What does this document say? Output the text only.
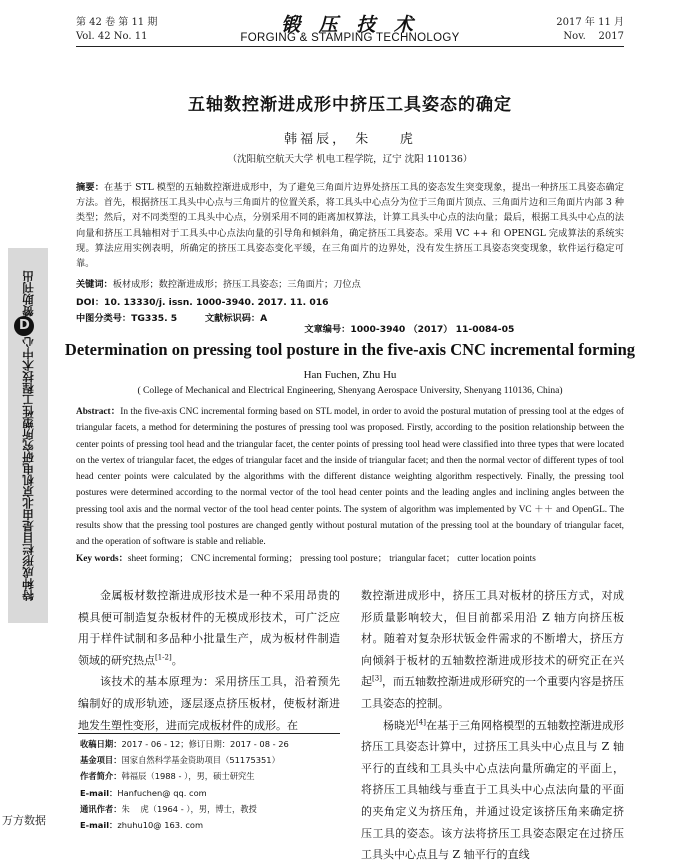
第 42 卷 第 11 期
Vol. 42 No. 11
锻 压 技 术
FORGING & STAMPING TECHNOLOGY
2017 年 11 月
Nov.    2017
五轴数控渐进成形中挤压工具姿态的确定
韩福辰， 朱    虎
（沈阳航空航天大学 机电工程学院，辽宁 沈阳 110136）
摘要：在基于 STL 模型的五轴数控渐进成形中，为了避免三角面片边界处挤压工具的姿态发生突变现象，提出一种挤压工具姿态确定方法。首先，根据挤压工具头中心点与三角面片的位置关系，将工具头中心点分为位于三角面片顶点、三角面片边和三角面片内部 3 种类型；然后，对不同类型的工具头中心点，分别采用不同的距离加权算法，计算工具头中心点的法向量；最后，根据工具头中心点的法向量和挤压工具轴相对于工具头中心点法向量的引导角和倾斜角，确定挤压工具姿态。采用 VC ++ 和 OPENGL 完成算法的系统实现。算法应用实例表明，所确定的挤压工具姿态变化平缓，在三角面片的边界处，没有发生挤压工具姿态突变现象，软件运行稳定可靠。
关键词：板材成形；数控渐进成形；挤压工具姿态；三角面片；刀位点
DOI：10. 13330/j. issn. 1000-3940. 2017. 11. 016
中图分类号：TG335. 5	文献标识码：A

文章编号：1000-3940 （2017） 11-0084-05

Determination on pressing tool posture in the five-axis CNC incremental forming
Han Fuchen, Zhu Hu
( College of Mechanical and Electrical Engineering, Shenyang Aerospace University, Shenyang 110136, China)
Abstract：In the five-axis CNC incremental forming based on STL model, in order to avoid the postural mutation of pressing tool at the edges of triangular facets, a method for determining the postures of pressing tool was proposed. Firstly, according to the position relationship between the center points of pressing tool head and the triangular facet, the center points of pressing tool head were classified into three types that were located on the vertex of triangular facet, the edges of triangular facet and the inside of triangular facet; and then the normal vector of different types of tool head center points were calculated by the algorithms with the different distance weighting algorithm respectively. Finally, the pressing tool postures were determined according to the normal vector of the tool head center points and the leading angles and inclining angles between the pressing tool axis and the normal vector of the tool head center points. The system of algorithm was implemented by VC ＋＋ and OpenGL. The results show that the pressing tool postures are changed gently without postural mutation of the pressing tool at the boundary of triangular facet, and the operation of software is stable and reliable.
Key words：sheet forming； CNC incremental forming； pressing tool posture； triangular facet； cutter location points

金属板材数控渐进成形技术是一种不采用昂贵的模具便可制造复杂板材件的无模成形技术，可广泛应用于样件试制和多品种小批量生产，成为板材件制造领域的研究热点[1-2]。

该技术的基本原理为：采用挤压工具，沿着预先编制好的成形轨迹，逐层逐点挤压板材，使板材渐进地发生塑性变形，进而完成板材件的成形。在

收稿日期：2017 - 06 - 12；修订日期：2017 - 08 - 26
基金项目：国家自然科学基金资助项目（51175351）
作者简介：韩福辰（1988 - ），男，硕士研究生
E-mail：Hanfuchen@ qq. com
通讯作者：朱    虎（1964 - ），男，博士，教授
E-mail：zhuhu10@ 163. com

数控渐进成形中，挤压工具对板材的挤压方式，对成形质量影响较大，但目前都采用沿 Z 轴方向挤压板材。随着对复杂形状钣金件需求的不断增大，挤压方向倾斜于板材的五轴数控渐进成形技术的研究正在兴起[3]，而五轴数控渐进成形研究的一个重要内容是挤压工具姿态的控制。

杨晓光[4]在基于三角网格模型的五轴数控渐进成形挤压工具姿态计算中，过挤压工具头中心点且与 Z 轴平行的直线和工具头中心点法向量所确定的平面上，将挤压工具轴线与垂直于工具头中心点法向量的平面的夹角定义为挤压角，并通过设定该挤压角来确定挤压工具的姿态。该方法将挤压工具姿态限定在过挤压工具头中心点且与 Z 轴平行的直线

特种成形栏目是由北京机电研究所塑性工程技术中心D赞助刊出
万方数据
